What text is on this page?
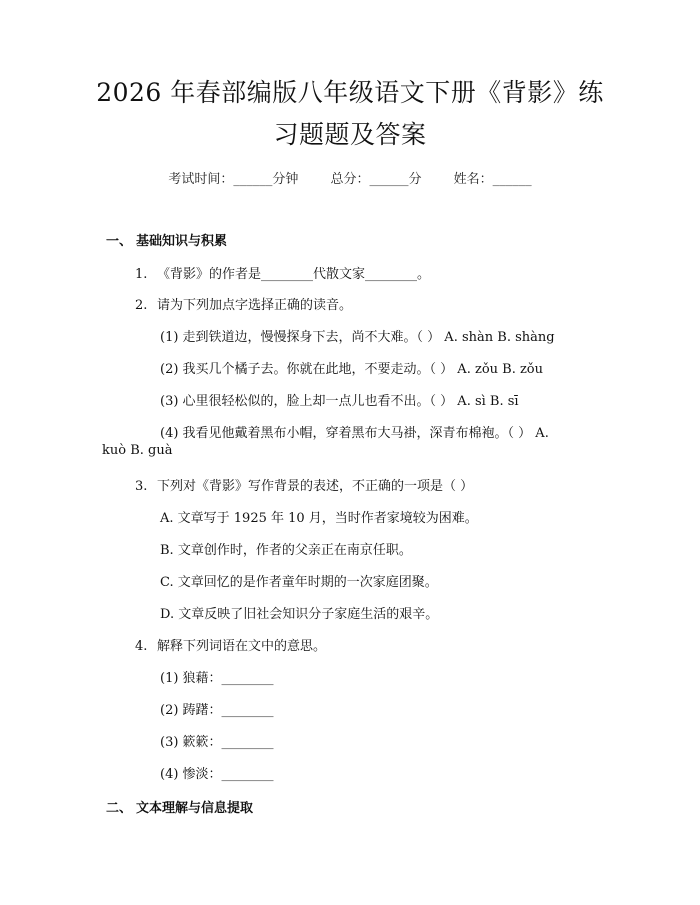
2026 年春部编版八年级语文下册《背影》练
习题题及答案
考试时间：______分钟 总分：______分 姓名：______
一、 基础知识与积累
1. 《背影》的作者是________代散文家________。
2. 请为下列加点字选择正确的读音。
(1) 走到铁道边，慢慢探身下去，尚不大难。（ ） A. shàn B. shàng
(2) 我买几个橘子去。你就在此地，不要走动。（ ） A. zǒu B. zǒu
(3) 心里很轻松似的，脸上却一点儿也看不出。（ ） A. sì B. sī
(4) 我看见他戴着黑布小帽，穿着黑布大马褂，深青布棉袍。（ ） A.
kuò B. guà
3. 下列对《背影》写作背景的表述，不正确的一项是（ ）
A. 文章写于 1925 年 10 月，当时作者家境较为困难。
B. 文章创作时，作者的父亲正在南京任职。
C. 文章回忆的是作者童年时期的一次家庭团聚。
D. 文章反映了旧社会知识分子家庭生活的艰辛。
4. 解释下列词语在文中的意思。
(1) 狼藉：________
(2) 踌躇：________
(3) 簌簌：________
(4) 惨淡：________
二、 文本理解与信息提取
